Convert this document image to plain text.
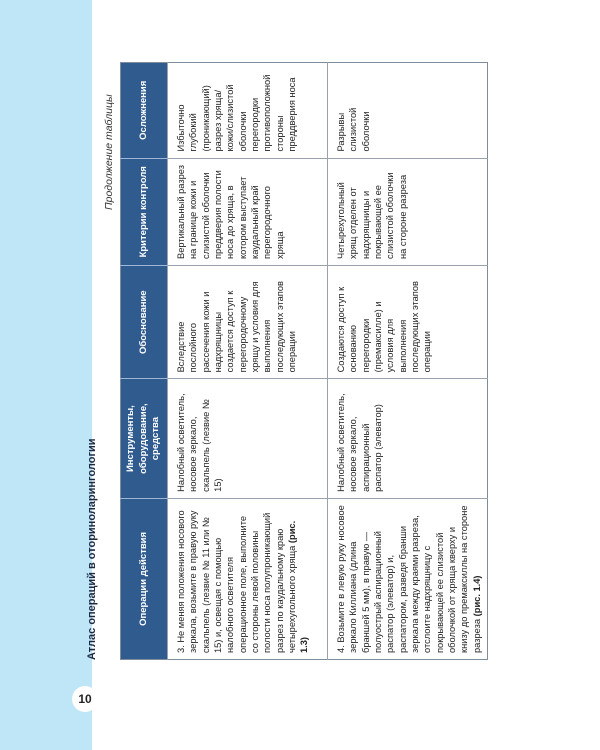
10
Атлас операций в оториноларингологии
Продолжение таблицы
Операции действия	Инструменты, оборудование, средства	Обоснование	Критерии контроля	Осложнения
3. Не меняя положения носового зеркала, возьмите в правую руку скальпель (лезвие № 11 или № 15) и, освещая с помощью налобного осветителя операционное поле, выполните со стороны левой половины полости носа полупроникающий разрез по каудальному краю четырехугольного хряща (рис. 1.3)	Налобный осветитель, носовое зеркало, скальпель (лезвие № 15)	Вследствие послойного рассечения кожи и надхрящницы создается доступ к перегородочному хрящу и условия для выполнения последующих этапов операции	Вертикальный разрез на границе кожи и слизистой оболочки преддверия полости носа до хряща, в котором выступает каудальный край перегородочного хряща	Избыточно глубокий (проникающий) разрез хряща/кожи/слизистой оболочки перегородки противоположной стороны преддверия носа
4. Возьмите в левую руку носовое зеркало Киллиана (длина браншей 5 мм), в правую — полуострый аспирационный распатор (элеватор) и, распатором, разведя бранши зеркала между краями разреза, отслоите надхрящницу с покрывающей ее слизистой оболочкой от хряща кверху и книзу до премаксиллы на стороне разреза (рис. 1.4)	Налобный осветитель, носовое зеркало, аспирационный распатор (элеватор)	Создаются доступ к основанию перегородки (премаксилле) и условия для выполнения последующих этапов операции	Четырехугольный хрящ отделен от надхрящницы и покрывающей ее слизистой оболочки на стороне разреза	Разрывы слизистой оболочки
